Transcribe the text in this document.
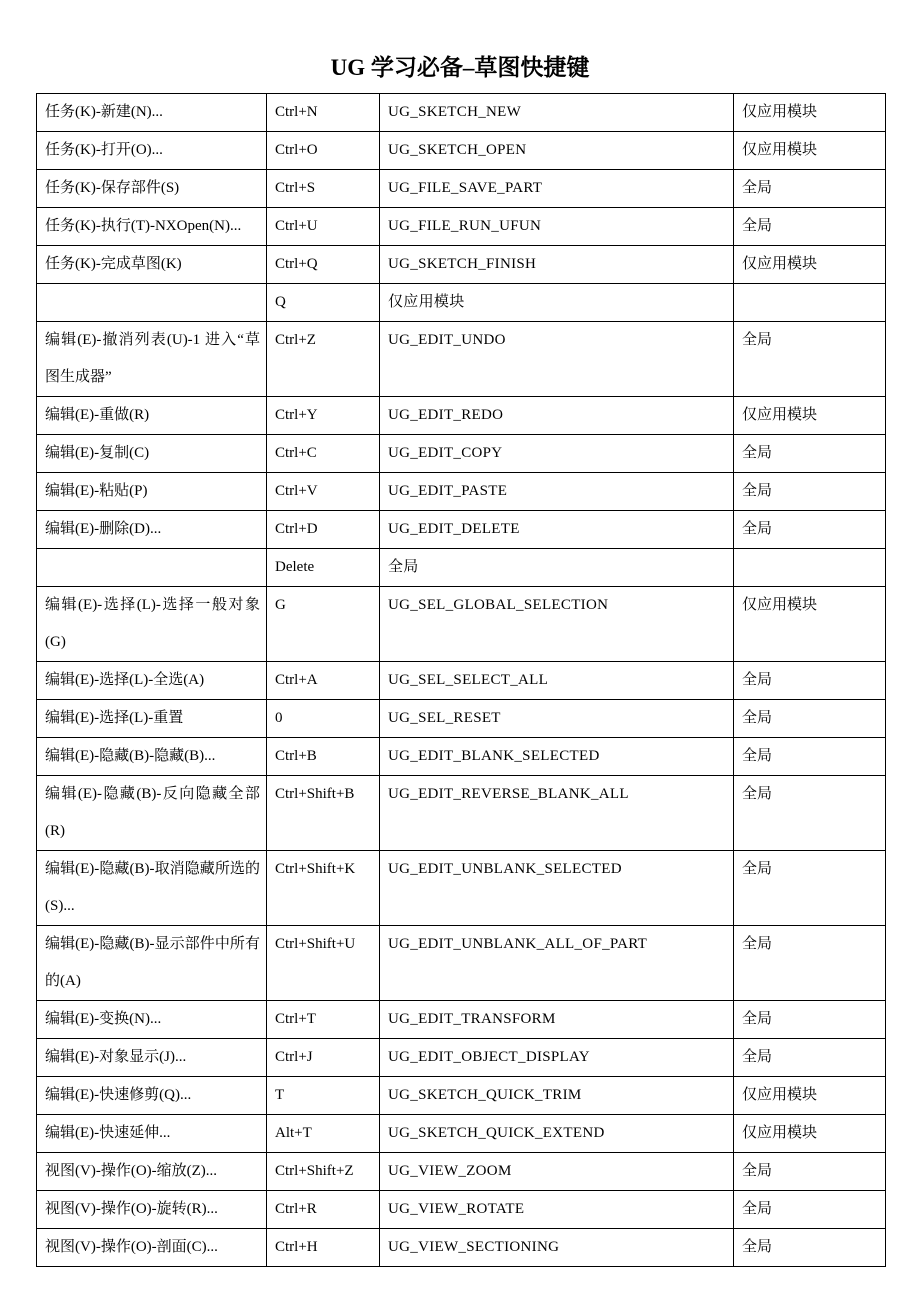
UG 学习必备–草图快捷键
任务(K)-新建(N)...	Ctrl+N	UG_SKETCH_NEW	仅应用模块
任务(K)-打开(O)...	Ctrl+O	UG_SKETCH_OPEN	仅应用模块
任务(K)-保存部件(S)	Ctrl+S	UG_FILE_SAVE_PART	全局
任务(K)-执行(T)-NXOpen(N)...	Ctrl+U	UG_FILE_RUN_UFUN	全局
任务(K)-完成草图(K)	Ctrl+Q	UG_SKETCH_FINISH	仅应用模块
	Q	仅应用模块	
编辑(E)-撤消列表(U)-1 进入“草图生成器”	Ctrl+Z	UG_EDIT_UNDO	全局
编辑(E)-重做(R)	Ctrl+Y	UG_EDIT_REDO	仅应用模块
编辑(E)-复制(C)	Ctrl+C	UG_EDIT_COPY	全局
编辑(E)-粘贴(P)	Ctrl+V	UG_EDIT_PASTE	全局
编辑(E)-删除(D)...	Ctrl+D	UG_EDIT_DELETE	全局
	Delete	全局	
编辑(E)-选择(L)-选择一般对象(G)	G	UG_SEL_GLOBAL_SELECTION	仅应用模块
编辑(E)-选择(L)-全选(A)	Ctrl+A	UG_SEL_SELECT_ALL	全局
编辑(E)-选择(L)-重置	0	UG_SEL_RESET	全局
编辑(E)-隐藏(B)-隐藏(B)...	Ctrl+B	UG_EDIT_BLANK_SELECTED	全局
编辑(E)-隐藏(B)-反向隐藏全部(R)	Ctrl+Shift+B	UG_EDIT_REVERSE_BLANK_ALL	全局
编辑(E)-隐藏(B)-取消隐藏所选的(S)...	Ctrl+Shift+K	UG_EDIT_UNBLANK_SELECTED	全局
编辑(E)-隐藏(B)-显示部件中所有的(A)	Ctrl+Shift+U	UG_EDIT_UNBLANK_ALL_OF_PART	全局
编辑(E)-变换(N)...	Ctrl+T	UG_EDIT_TRANSFORM	全局
编辑(E)-对象显示(J)...	Ctrl+J	UG_EDIT_OBJECT_DISPLAY	全局
编辑(E)-快速修剪(Q)...	T	UG_SKETCH_QUICK_TRIM	仅应用模块
编辑(E)-快速延伸...	Alt+T	UG_SKETCH_QUICK_EXTEND	仅应用模块
视图(V)-操作(O)-缩放(Z)...	Ctrl+Shift+Z	UG_VIEW_ZOOM	全局
视图(V)-操作(O)-旋转(R)...	Ctrl+R	UG_VIEW_ROTATE	全局
视图(V)-操作(O)-剖面(C)...	Ctrl+H	UG_VIEW_SECTIONING	全局
